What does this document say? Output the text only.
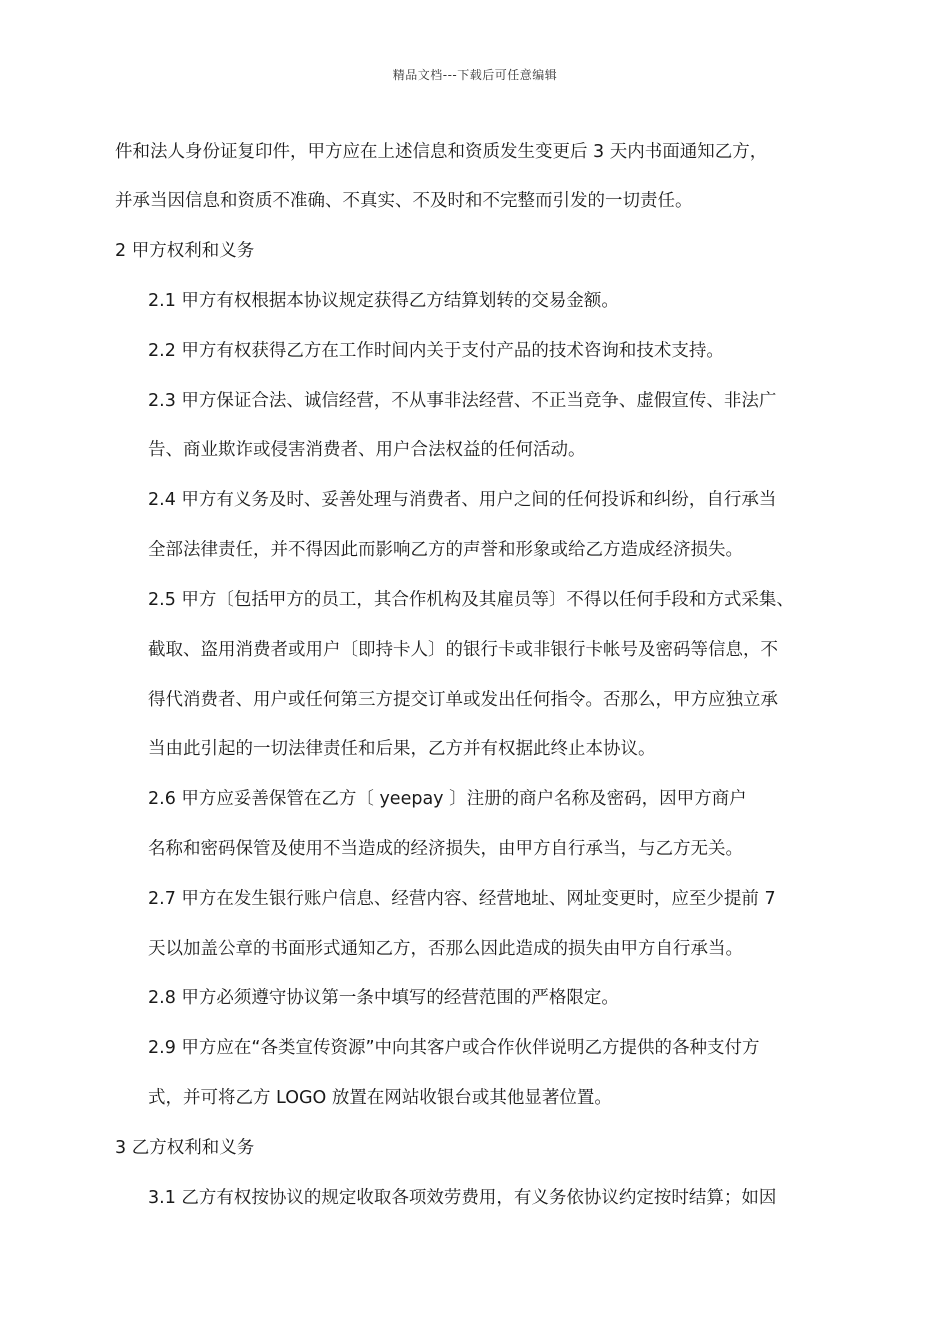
精品文档---下载后可任意编辑
件和法人身份证复印件，甲方应在上述信息和资质发生变更后 3 天内书面通知乙方，
并承当因信息和资质不准确、不真实、不及时和不完整而引发的一切责任。
2 甲方权利和义务
2.1 甲方有权根据本协议规定获得乙方结算划转的交易金额。
2.2 甲方有权获得乙方在工作时间内关于支付产品的技术咨询和技术支持。
2.3 甲方保证合法、诚信经营，不从事非法经营、不正当竞争、虚假宣传、非法广
告、商业欺诈或侵害消费者、用户合法权益的任何活动。
2.4 甲方有义务及时、妥善处理与消费者、用户之间的任何投诉和纠纷，自行承当
全部法律责任，并不得因此而影响乙方的声誉和形象或给乙方造成经济损失。
2.5 甲方〔包括甲方的员工，其合作机构及其雇员等〕不得以任何手段和方式采集、
截取、盗用消费者或用户〔即持卡人〕的银行卡或非银行卡帐号及密码等信息，不
得代消费者、用户或任何第三方提交订单或发出任何指令。否那么，甲方应独立承
当由此引起的一切法律责任和后果，乙方并有权据此终止本协议。
2.6 甲方应妥善保管在乙方〔 yeepay 〕注册的商户名称及密码，因甲方商户
名称和密码保管及使用不当造成的经济损失，由甲方自行承当，与乙方无关。
2.7 甲方在发生银行账户信息、经营内容、经营地址、网址变更时，应至少提前 7
天以加盖公章的书面形式通知乙方，否那么因此造成的损失由甲方自行承当。
2.8 甲方必须遵守协议第一条中填写的经营范围的严格限定。
2.9 甲方应在“各类宣传资源”中向其客户或合作伙伴说明乙方提供的各种支付方
式，并可将乙方 LOGO 放置在网站收银台或其他显著位置。
3 乙方权利和义务
3.1 乙方有权按协议的规定收取各项效劳费用，有义务依协议约定按时结算；如因
